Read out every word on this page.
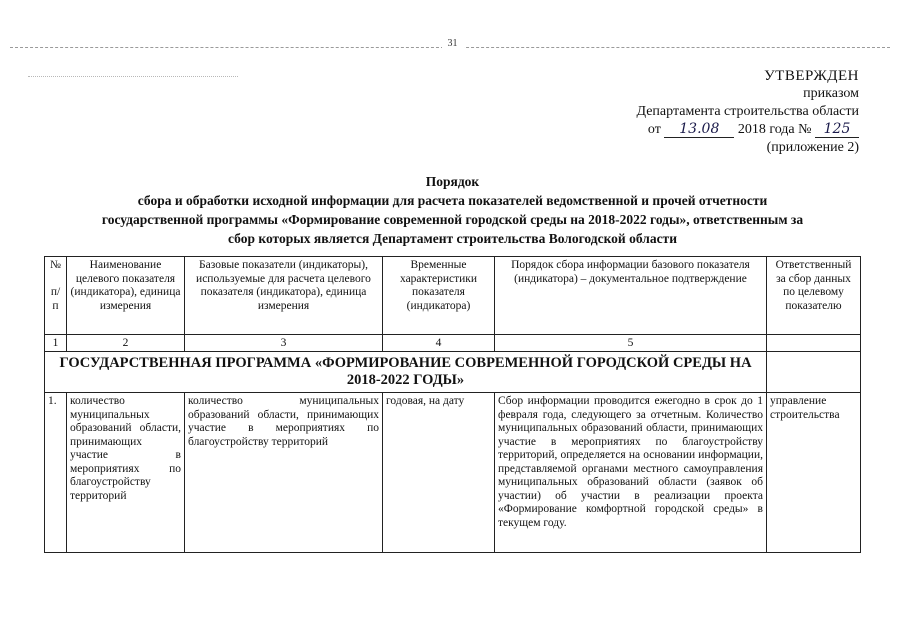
31
УТВЕРЖДЕН
приказом
Департамента строительства области
от 13.08 2018 года № 125
(приложение 2)
Порядок
сбора и обработки исходной информации для расчета показателей ведомственной и прочей отчетности
государственной программы «Формирование современной городской среды на 2018-2022 годы», ответственным за
сбор которых является Департамент строительства Вологодской области
№

п/
п	Наименование целевого показателя (индикатора), единица измерения	Базовые показатели (индикаторы), используемые для расчета целевого показателя (индикатора), единица измерения	Временные характеристики показателя (индикатора)	Порядок сбора информации базового показателя (индикатора) – документальное подтверждение	Ответственный за сбор данных по целевому показателю
1	2	3	4	5	
ГОСУДАРСТВЕННАЯ ПРОГРАММА «ФОРМИРОВАНИЕ СОВРЕМЕННОЙ ГОРОДСКОЙ СРЕДЫ НА 2018-2022 ГОДЫ»					
1.	количество муниципальных образований области, принимающих участие в мероприятиях по благоустройству территорий	количество муниципальных образований области, принимающих участие в мероприятиях по благоустройству территорий	годовая, на дату	Сбор информации проводится ежегодно в срок до 1 февраля года, следующего за отчетным. Количество муниципальных образований области, принимающих участие в мероприятиях по благоустройству территорий, определяется на основании информации, представляемой органами местного самоуправления муниципальных образований области (заявок об участии) об участии в реализации проекта «Формирование комфортной городской среды» в текущем году.	управление строительства
